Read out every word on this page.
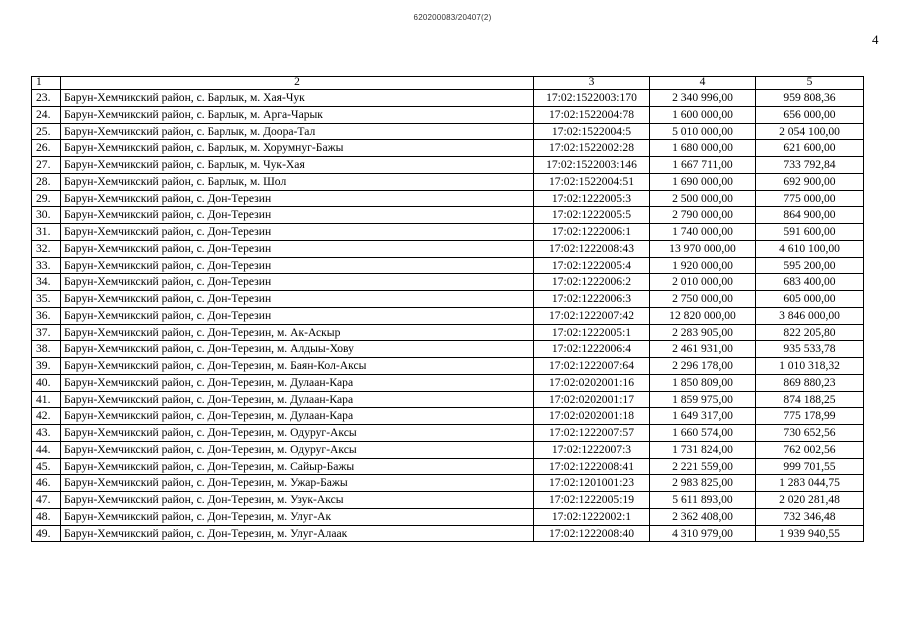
620200083/20407(2)
4
1	2	3	4	5
23.	Барун-Хемчикский район, с. Барлык, м. Хая-Чук	17:02:1522003:170	2 340 996,00	959 808,36
24.	Барун-Хемчикский район, с. Барлык, м. Арга-Чарык	17:02:1522004:78	1 600 000,00	656 000,00
25.	Барун-Хемчикский район, с. Барлык, м. Доора-Тал	17:02:1522004:5	5 010 000,00	2 054 100,00
26.	Барун-Хемчикский район, с. Барлык, м. Хорумнуг-Бажы	17:02:1522002:28	1 680 000,00	621 600,00
27.	Барун-Хемчикский район, с. Барлык, м. Чук-Хая	17:02:1522003:146	1 667 711,00	733 792,84
28.	Барун-Хемчикский район, с. Барлык, м. Шол	17:02:1522004:51	1 690 000,00	692 900,00
29.	Барун-Хемчикский район, с. Дон-Терезин	17:02:1222005:3	2 500 000,00	775 000,00
30.	Барун-Хемчикский район, с. Дон-Терезин	17:02:1222005:5	2 790 000,00	864 900,00
31.	Барун-Хемчикский район, с. Дон-Терезин	17:02:1222006:1	1 740 000,00	591 600,00
32.	Барун-Хемчикский район, с. Дон-Терезин	17:02:1222008:43	13 970 000,00	4 610 100,00
33.	Барун-Хемчикский район, с. Дон-Терезин	17:02:1222005:4	1 920 000,00	595 200,00
34.	Барун-Хемчикский район, с. Дон-Терезин	17:02:1222006:2	2 010 000,00	683 400,00
35.	Барун-Хемчикский район, с. Дон-Терезин	17:02:1222006:3	2 750 000,00	605 000,00
36.	Барун-Хемчикский район, с. Дон-Терезин	17:02:1222007:42	12 820 000,00	3 846 000,00
37.	Барун-Хемчикский район, с. Дон-Терезин, м. Ак-Аскыр	17:02:1222005:1	2 283 905,00	822 205,80
38.	Барун-Хемчикский район, с. Дон-Терезин, м. Алдыы-Хову	17:02:1222006:4	2 461 931,00	935 533,78
39.	Барун-Хемчикский район, с. Дон-Терезин, м. Баян-Кол-Аксы	17:02:1222007:64	2 296 178,00	1 010 318,32
40.	Барун-Хемчикский район, с. Дон-Терезин, м. Дулаан-Кара	17:02:0202001:16	1 850 809,00	869 880,23
41.	Барун-Хемчикский район, с. Дон-Терезин, м. Дулаан-Кара	17:02:0202001:17	1 859 975,00	874 188,25
42.	Барун-Хемчикский район, с. Дон-Терезин, м. Дулаан-Кара	17:02:0202001:18	1 649 317,00	775 178,99
43.	Барун-Хемчикский район, с. Дон-Терезин, м. Одуруг-Аксы	17:02:1222007:57	1 660 574,00	730 652,56
44.	Барун-Хемчикский район, с. Дон-Терезин, м. Одуруг-Аксы	17:02:1222007:3	1 731 824,00	762 002,56
45.	Барун-Хемчикский район, с. Дон-Терезин, м. Сайыр-Бажы	17:02:1222008:41	2 221 559,00	999 701,55
46.	Барун-Хемчикский район, с. Дон-Терезин, м. Ужар-Бажы	17:02:1201001:23	2 983 825,00	1 283 044,75
47.	Барун-Хемчикский район, с. Дон-Терезин, м. Узук-Аксы	17:02:1222005:19	5 611 893,00	2 020 281,48
48.	Барун-Хемчикский район, с. Дон-Терезин, м. Улуг-Ак	17:02:1222002:1	2 362 408,00	732 346,48
49.	Барун-Хемчикский район, с. Дон-Терезин, м. Улуг-Алаак	17:02:1222008:40	4 310 979,00	1 939 940,55
